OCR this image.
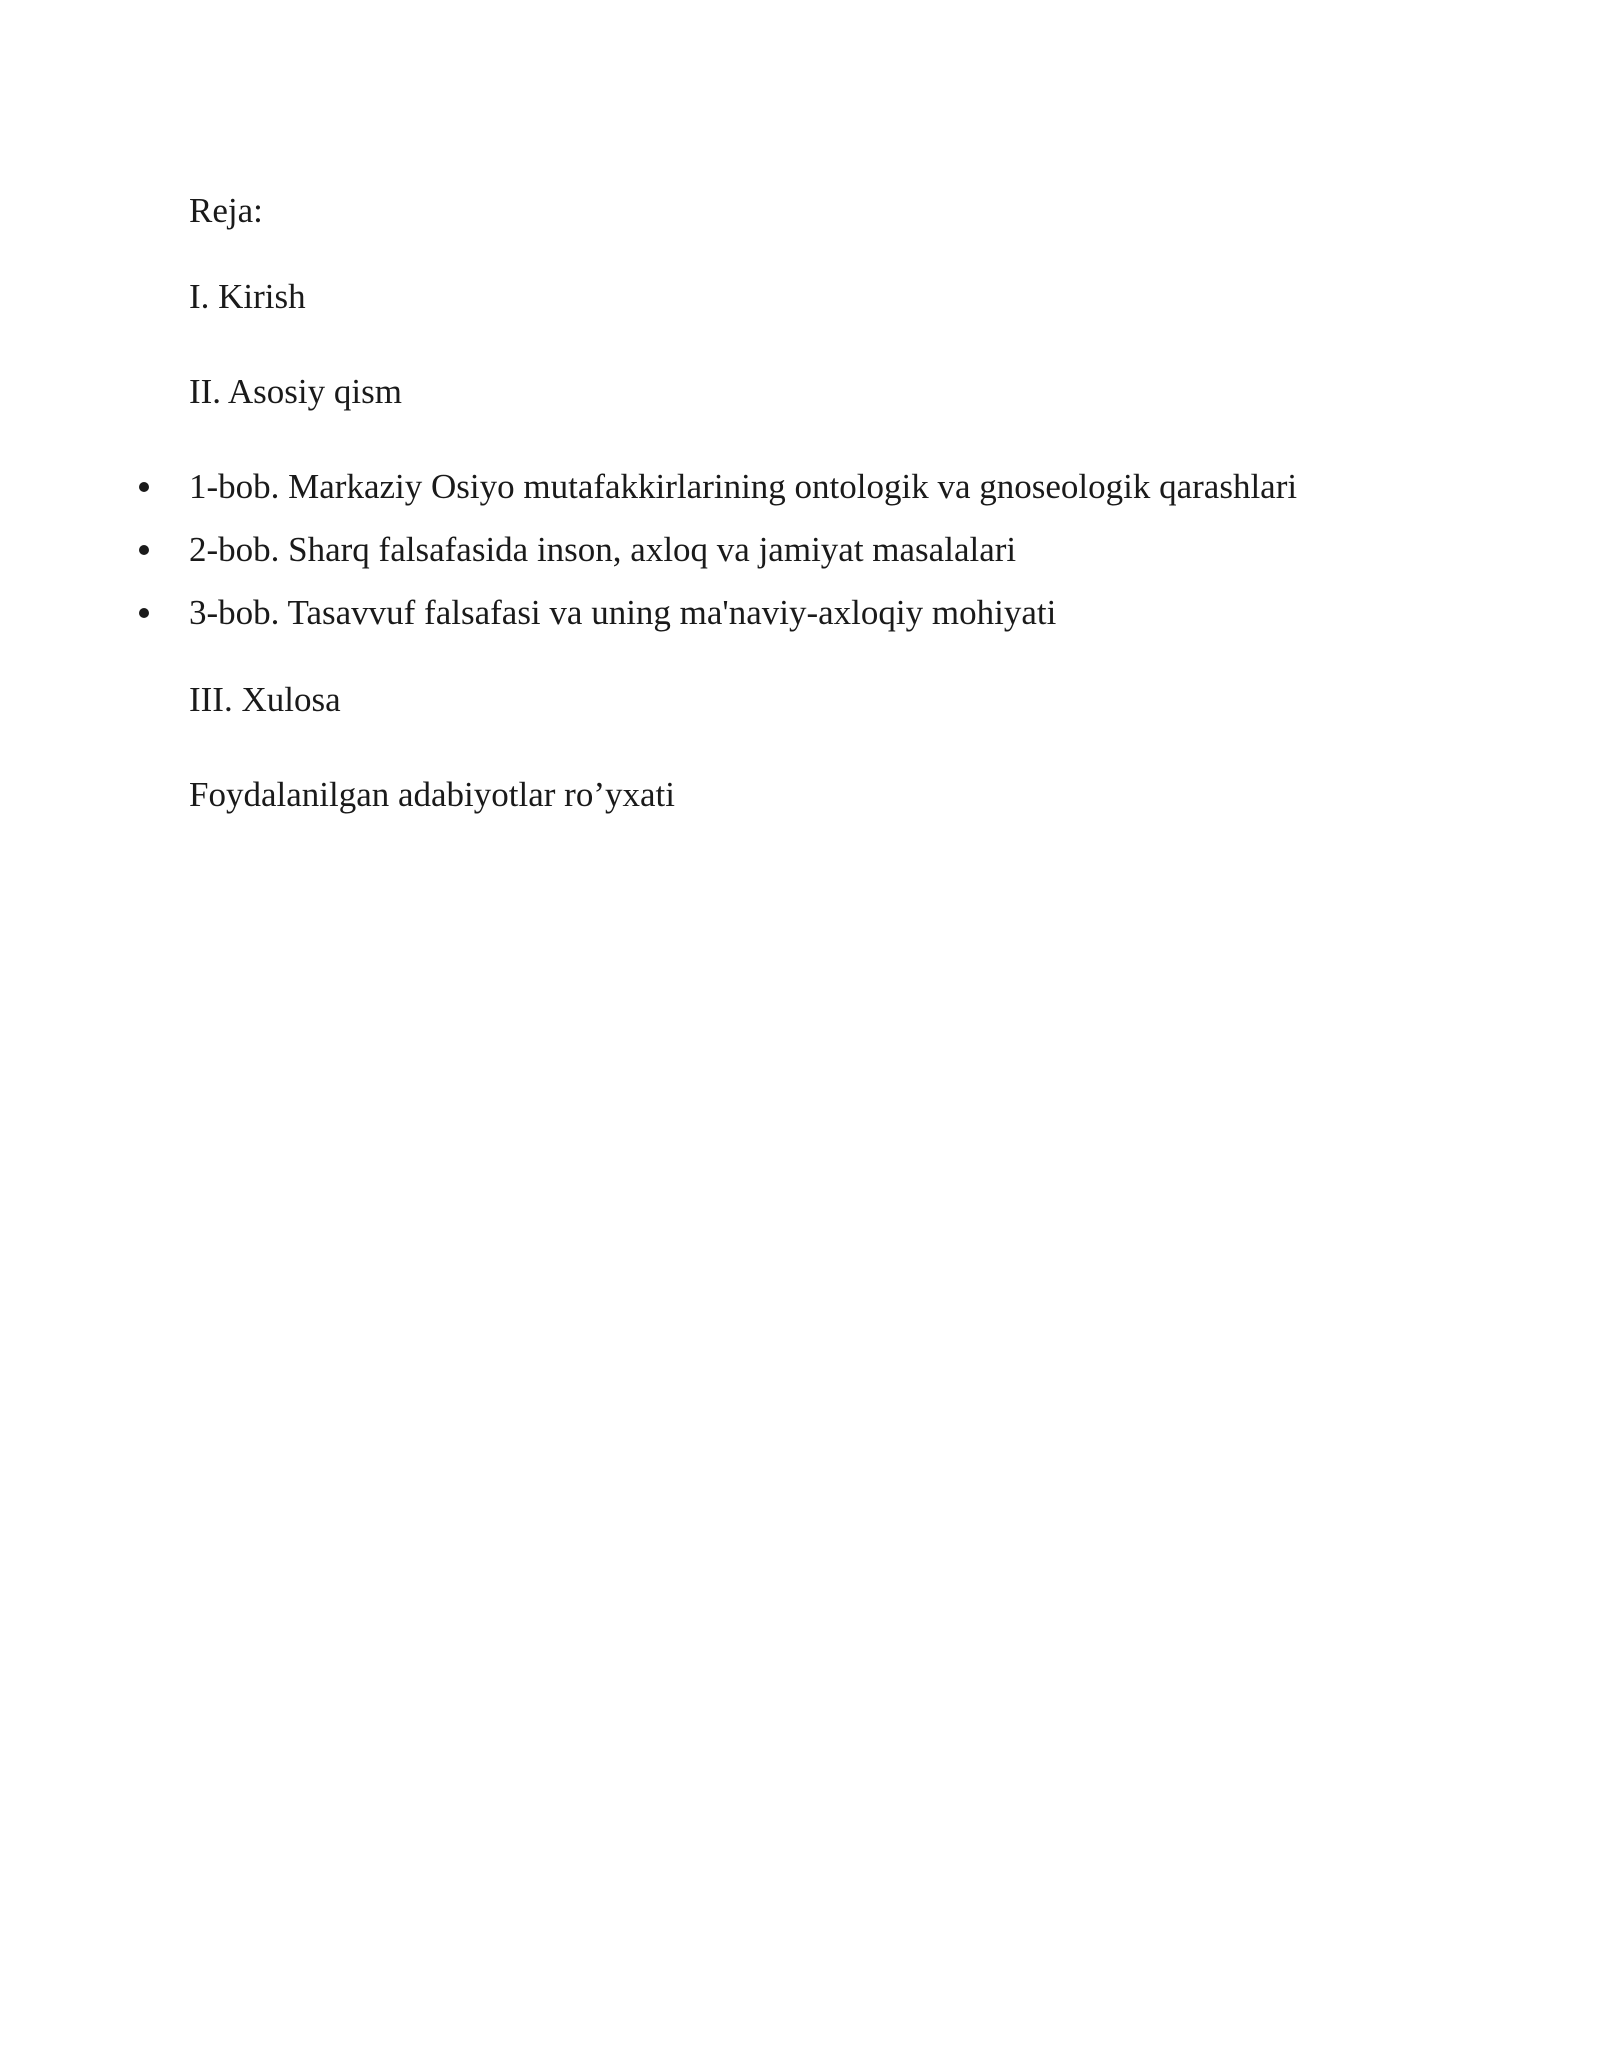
Reja:
I. Kirish
II. Asosiy qism
1-bob. Markaziy Osiyo mutafakkirlarining ontologik va gnoseologik qarashlari
2-bob. Sharq falsafasida inson, axloq va jamiyat masalalari
3-bob. Tasavvuf falsafasi va uning ma'naviy-axloqiy mohiyati
III. Xulosa
Foydalanilgan adabiyotlar ro’yxati
